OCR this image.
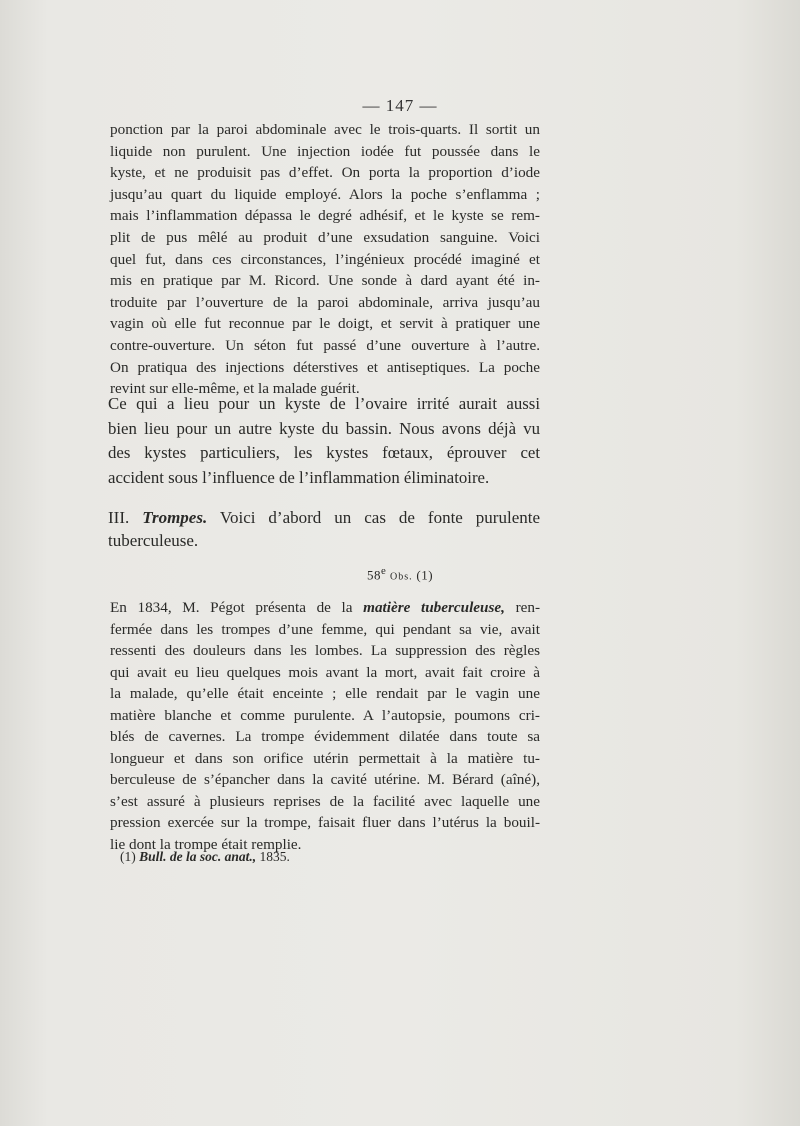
— 147 —
ponction par la paroi abdominale avec le trois-quarts. Il sortit un
liquide non purulent. Une injection iodée fut poussée dans le
kyste, et ne produisit pas d’effet. On porta la proportion d’iode
jusqu’au quart du liquide employé. Alors la poche s’enflamma ;
mais l’inflammation dépassa le degré adhésif, et le kyste se rem-
plit de pus mêlé au produit d’une exsudation sanguine. Voici
quel fut, dans ces circonstances, l’ingénieux procédé imaginé et
mis en pratique par M. Ricord. Une sonde à dard ayant été in-
troduite par l’ouverture de la paroi abdominale, arriva jusqu’au
vagin où elle fut reconnue par le doigt, et servit à pratiquer une
contre-ouverture. Un séton fut passé d’une ouverture à l’autre.
On pratiqua des injections déterstives et antiseptiques. La poche
revint sur elle-même, et la malade guérit.
Ce qui a lieu pour un kyste de l’ovaire irrité aurait aussi
bien lieu pour un autre kyste du bassin. Nous avons déjà vu
des kystes particuliers, les kystes fœtaux, éprouver cet
accident sous l’influence de l’inflammation éliminatoire.
III. Trompes. Voici d’abord un cas de fonte purulente
tuberculeuse.
58e Obs. (1)
En 1834, M. Pégot présenta de la matière tuberculeuse, ren-
fermée dans les trompes d’une femme, qui pendant sa vie, avait
ressenti des douleurs dans les lombes. La suppression des règles
qui avait eu lieu quelques mois avant la mort, avait fait croire à
la malade, qu’elle était enceinte ; elle rendait par le vagin une
matière blanche et comme purulente. A l’autopsie, poumons cri-
blés de cavernes. La trompe évidemment dilatée dans toute sa
longueur et dans son orifice utérin permettait à la matière tu-
berculeuse de s’épancher dans la cavité utérine. M. Bérard (aîné),
s’est assuré à plusieurs reprises de la facilité avec laquelle une
pression exercée sur la trompe, faisait fluer dans l’utérus la bouil-
lie dont la trompe était remplie.
(1) Bull. de la soc. anat., 1835.
